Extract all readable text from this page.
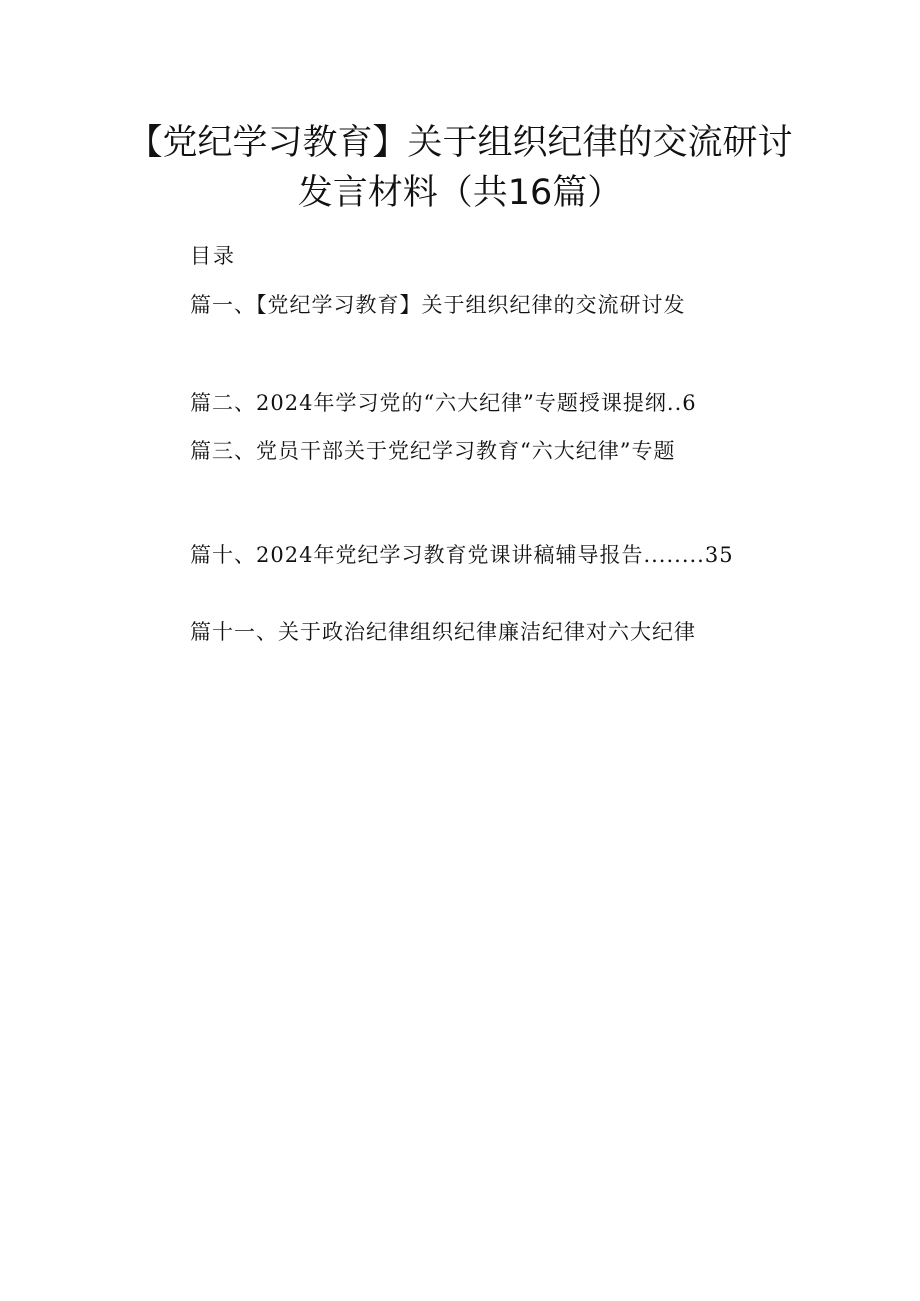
【党纪学习教育】关于组织纪律的交流研讨
发言材料（共16篇）
目录
篇一、【党纪学习教育】关于组织纪律的交流研讨发
篇二、2024年学习党的“六大纪律”专题授课提纲..6
篇三、党员干部关于党纪学习教育“六大纪律”专题
篇十、2024年党纪学习教育党课讲稿辅导报告........35
篇十一、关于政治纪律组织纪律廉洁纪律对六大纪律
